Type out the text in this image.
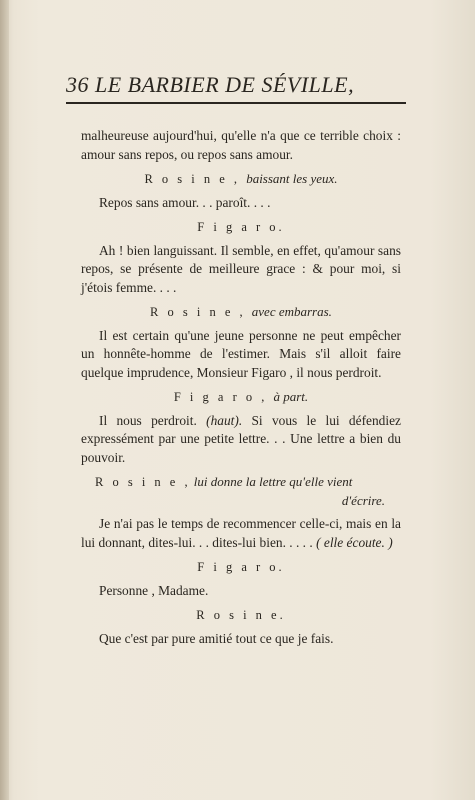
36 LE BARBIER DE SÉVILLE,

malheureuse aujourd'hui, qu'elle n'a que ce terrible choix : amour sans repos, ou repos sans amour.

R o s i n e , baissant les yeux.

Repos sans amour. . . paroît. . . .

F i g a r o.

Ah ! bien languissant. Il semble, en effet, qu'amour sans repos, se présente de meilleure grace : & pour moi, si j'étois femme. . . .

R o s i n e , avec embarras.

Il est certain qu'une jeune personne ne peut empêcher un honnête-homme de l'estimer. Mais s'il alloit faire quelque imprudence, Monsieur Figaro , il nous perdroit.

F i g a r o , à part.

Il nous perdroit. (haut). Si vous le lui défendiez expressément par une petite lettre. . . Une lettre a bien du pouvoir.

R o s i n e , lui donne la lettre qu'elle vient
d'écrire.

Je n'ai pas le temps de recommencer celle-ci, mais en la lui donnant, dites-lui. . . dites-lui bien. . . . . ( elle écoute. )

F i g a r o.

Personne , Madame.

R o s i n e.

Que c'est par pure amitié tout ce que je fais.
